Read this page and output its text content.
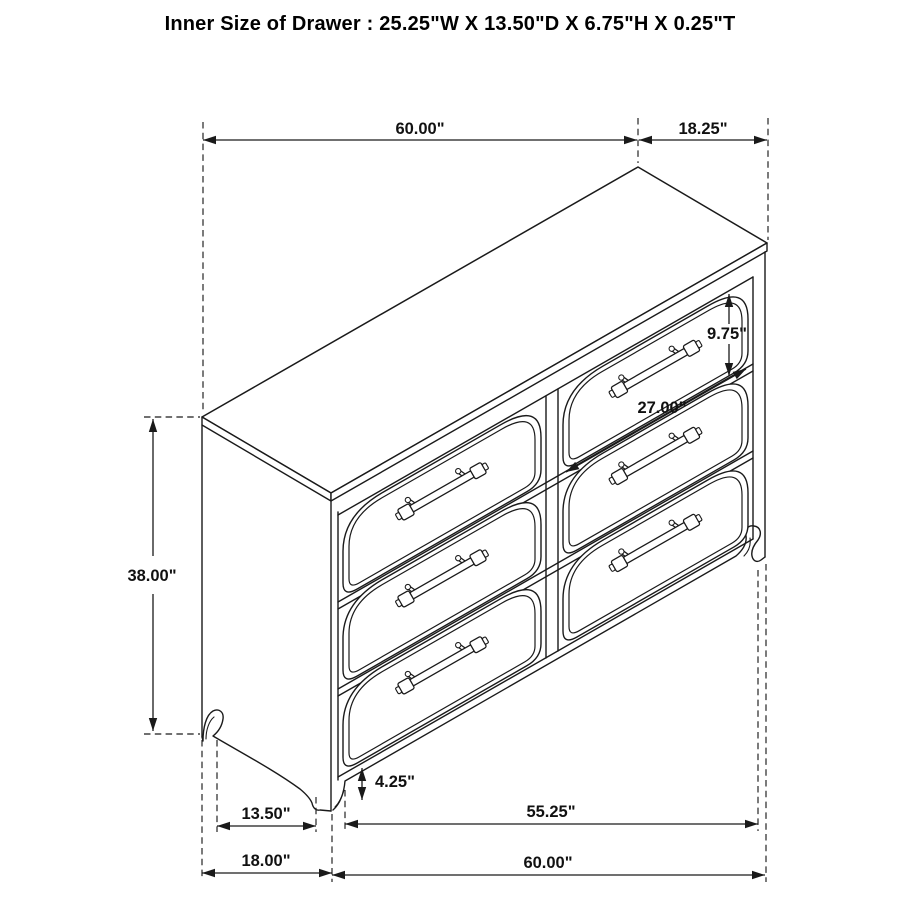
Inner Size of Drawer : 25.25"W X 13.50"D X 6.75"H X 0.25"T
60.00"	18.25"
9.75"
27.00"
38.00"
4.25"
13.50"	55.25"
18.00"	60.00"
